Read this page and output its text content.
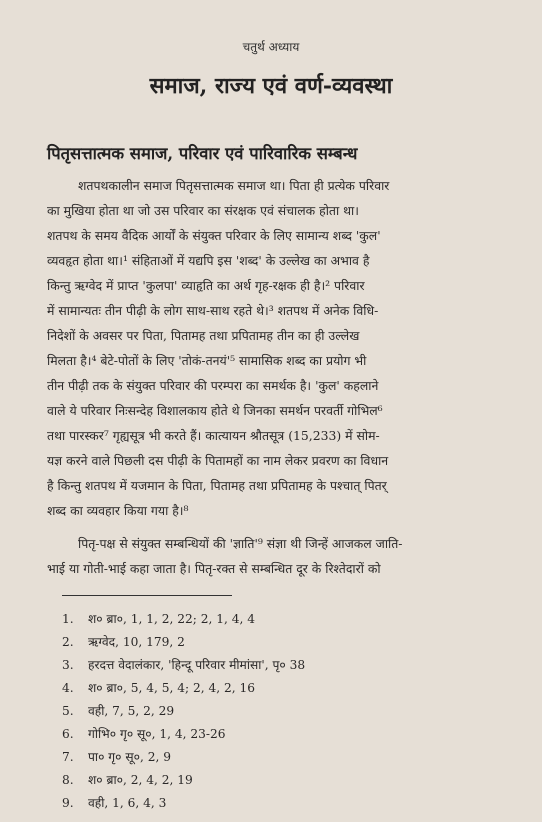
चतुर्थ अध्याय
समाज, राज्य एवं वर्ण-व्यवस्था
पितृसत्तात्मक समाज, परिवार एवं पारिवारिक सम्बन्ध
शतपथकालीन समाज पितृसत्तात्मक समाज था। पिता ही प्रत्येक परिवार
का मुखिया होता था जो उस परिवार का संरक्षक एवं संचालक होता था।
शतपथ के समय वैदिक आर्यों के संयुक्त परिवार के लिए सामान्य शब्द 'कुल'
व्यवहृत होता था।¹ संहिताओं में यद्यपि इस 'शब्द' के उल्लेख का अभाव है
किन्तु ऋग्वेद में प्राप्त 'कुलपा' व्याहृति का अर्थ गृह-रक्षक ही है।² परिवार
में सामान्यतः तीन पीढ़ी के लोग साथ-साथ रहते थे।³ शतपथ में अनेक विधि-
निदेशों के अवसर पर पिता, पितामह तथा प्रपितामह तीन का ही उल्लेख
मिलता है।⁴ बेटे-पोतों के लिए 'तोकं-तनयं'⁵ सामासिक शब्द का प्रयोग भी
तीन पीढ़ी तक के संयुक्त परिवार की परम्परा का समर्थक है। 'कुल' कहलाने
वाले ये परिवार निःसन्देह विशालकाय होते थे जिनका समर्थन परवर्ती गोभिल⁶
तथा पारस्कर⁷ गृह्यसूत्र भी करते हैं। कात्यायन श्रौतसूत्र (15,233) में सोम-
यज्ञ करने वाले पिछली दस पीढ़ी के पितामहों का नाम लेकर प्रवरण का विधान
है किन्तु शतपथ में यजमान के पिता, पितामह तथा प्रपितामह के पश्चात् पितर्
शब्द का व्यवहार किया गया है।⁸
पितृ-पक्ष से संयुक्त सम्बन्धियों की 'ज्ञाति'⁹ संज्ञा थी जिन्हें आजकल जाति-
भाई या गोती-भाई कहा जाता है। पितृ-रक्त से सम्बन्धित दूर के रिश्तेदारों को
1. श० ब्रा०, 1, 1, 2, 22; 2, 1, 4, 4
2. ऋग्वेद, 10, 179, 2
3. हरदत्त वेदालंकार, 'हिन्दू परिवार मीमांसा', पृ० 38
4. श० ब्रा०, 5, 4, 5, 4; 2, 4, 2, 16
5. वही, 7, 5, 2, 29
6. गोभि० गृ० सू०, 1, 4, 23-26
7. पा० गृ० सू०, 2, 9
8. श० ब्रा०, 2, 4, 2, 19
9. वही, 1, 6, 4, 3
